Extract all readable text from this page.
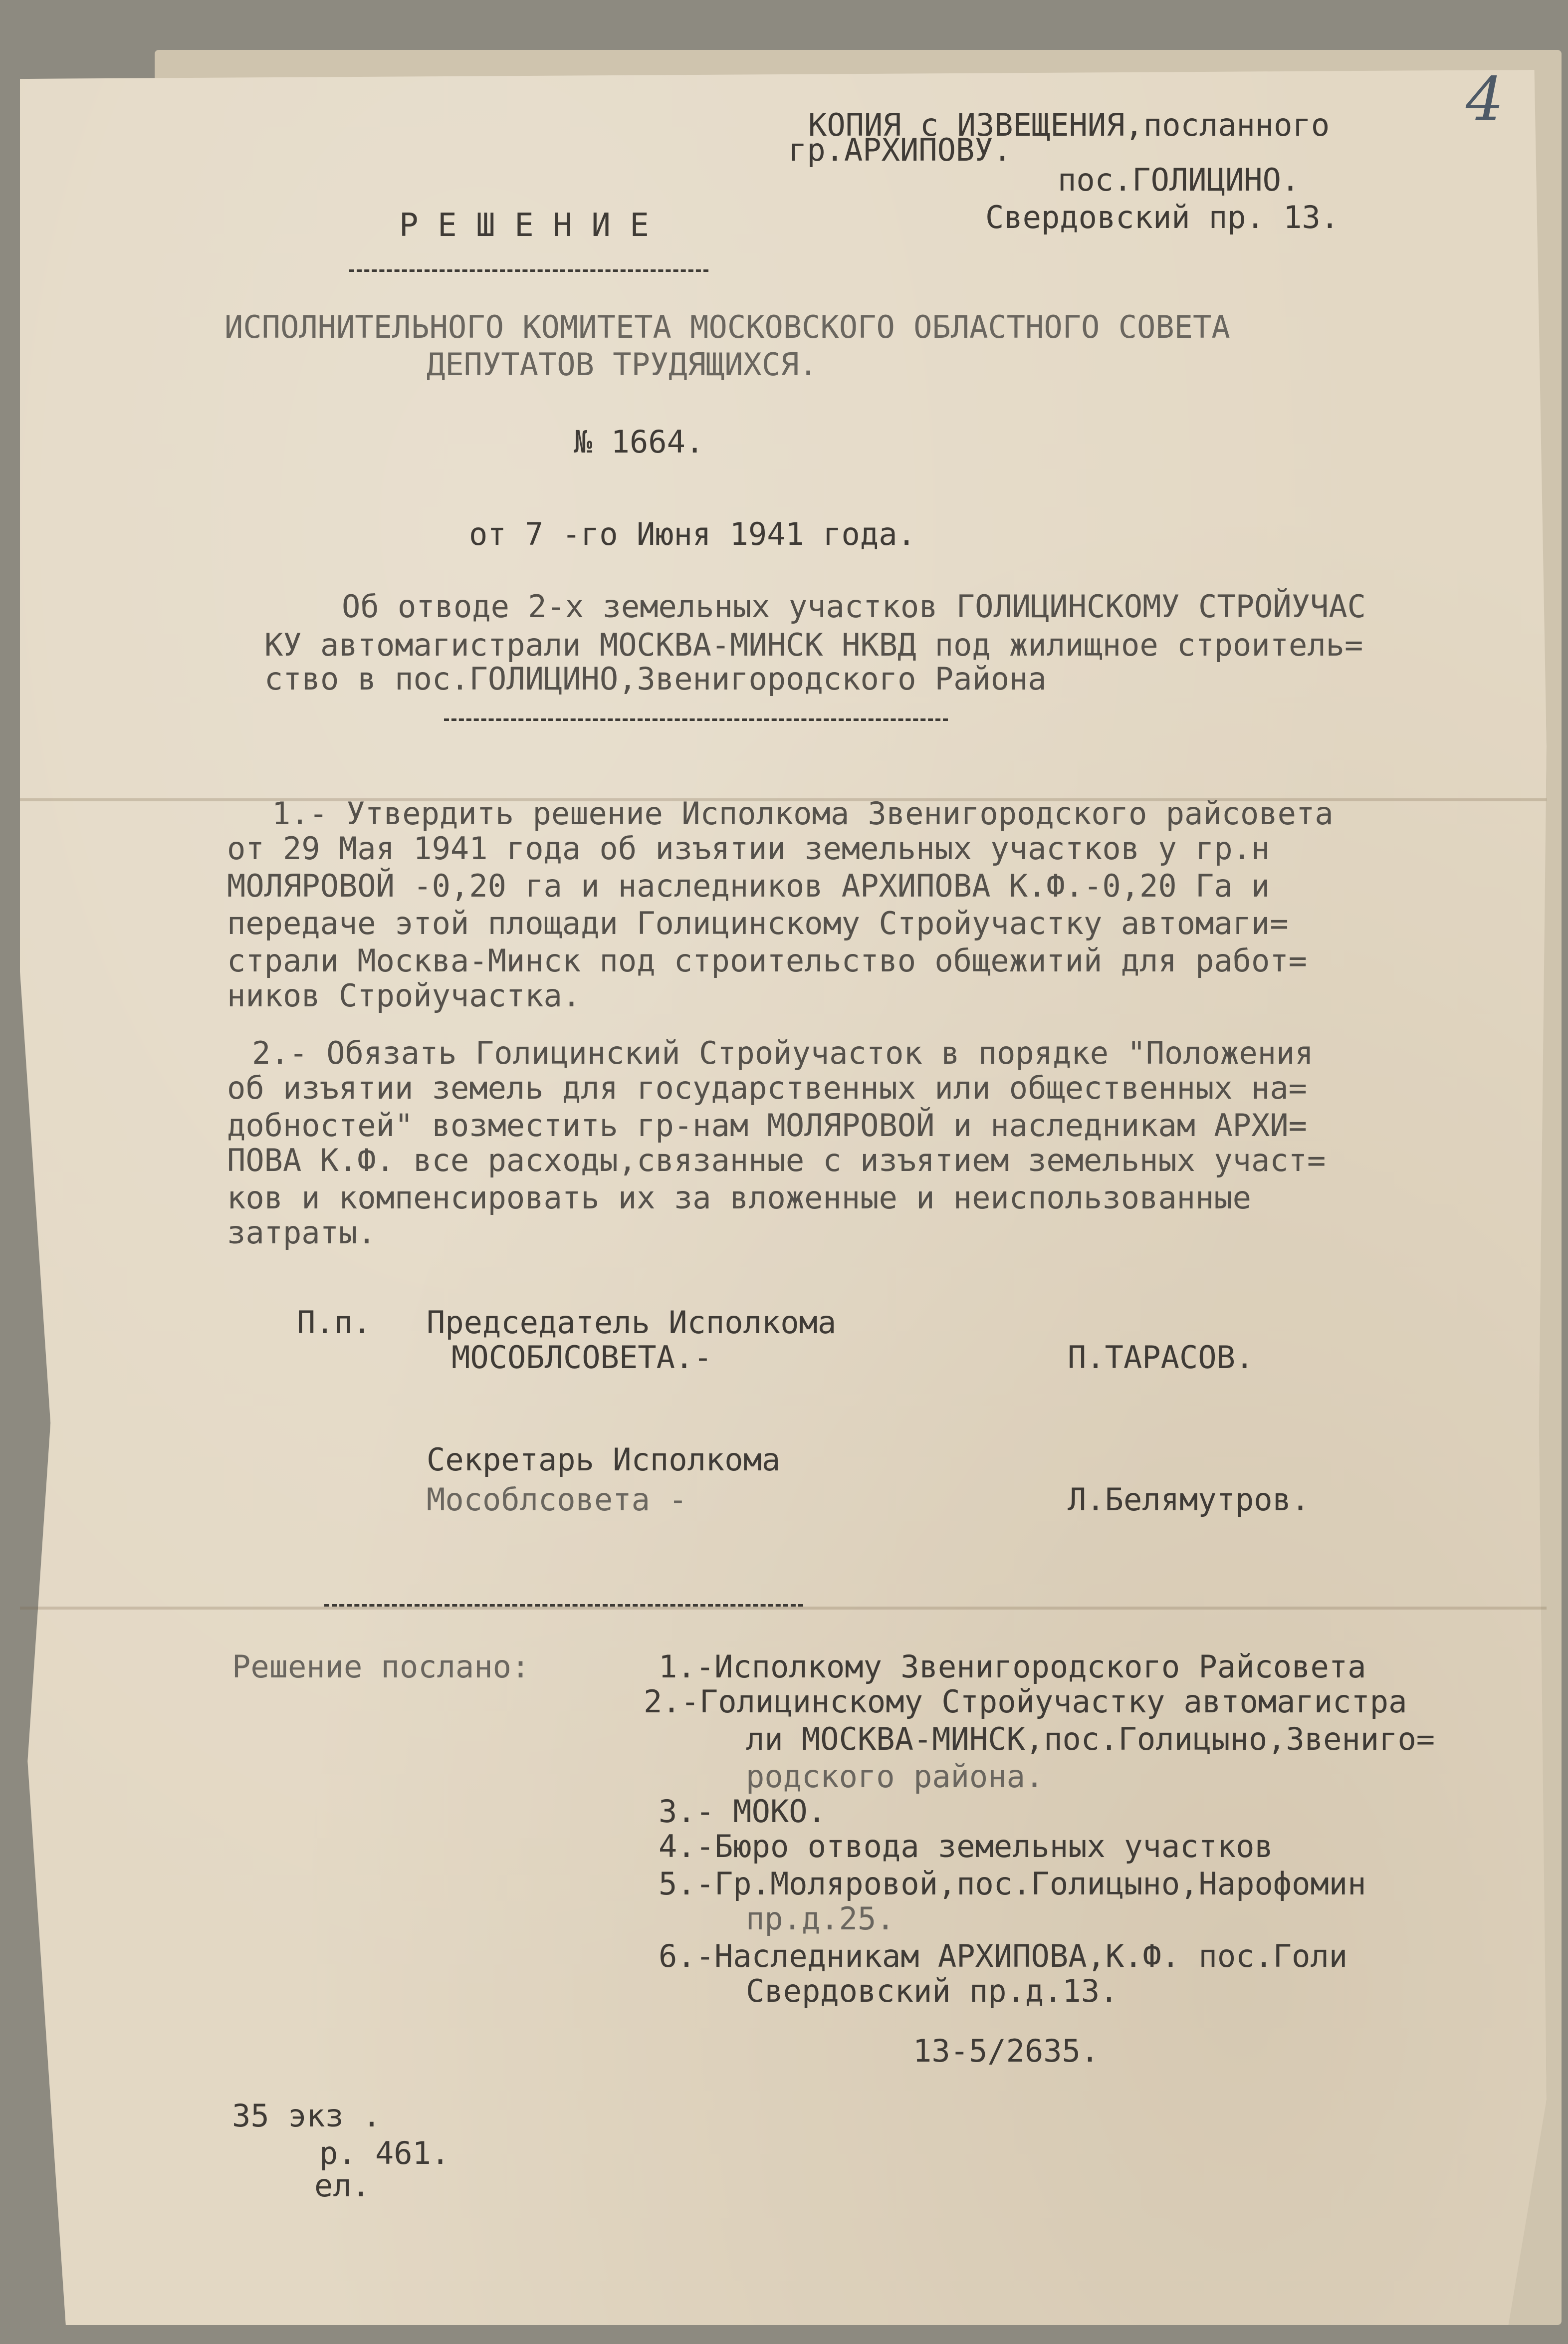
4
КОПИЯ с ИЗВЕЩЕНИЯ,посланного
гр.АРХИПОВУ.
пос.ГОЛИЦИНО.
Свердовский пр. 13.
Р Е Ш Е Н И Е
ИСПОЛНИТЕЛЬНОГО КОМИТЕТА МОСКОВСКОГО ОБЛАСТНОГО СОВЕТА
ДЕПУТАТОВ ТРУДЯЩИХСЯ.
№ 1664.
от 7 -го Июня 1941 года.
Об отводе 2-х земельных участков ГОЛИЦИНСКОМУ СТРОЙУЧАС
КУ автомагистрали МОСКВА-МИНСК НКВД под жилищное строитель=
ство в пос.ГОЛИЦИНО,Звенигородского Района
1.- Утвердить решение Исполкома Звенигородского райсовета
от 29 Мая 1941 года об изъятии земельных участков у гр.н
МОЛЯРОВОЙ -0,20 га и наследников АРХИПОВА К.Ф.-0,20 Га и
передаче этой площади Голицинскому Стройучастку автомаги=
страли Москва-Минск под строительство общежитий для работ=
ников Стройучастка.
2.- Обязать Голицинский Стройучасток в порядке "Положения
об изъятии земель для государственных или общественных на=
добностей" возместить гр-нам МОЛЯРОВОЙ и наследникам АРХИ=
ПОВА К.Ф. все расходы,связанные с изъятием земельных участ=
ков и компенсировать их за вложенные и неиспользованные
затраты.
П.п. Председатель Исполкома
МОСОБЛСОВЕТА.-	П.ТАРАСОВ.
Секретарь Исполкома
Мособлсовета -	Л.Белямутров.
Решение послано:	1.-Исполкому Звенигородского Райсовета
2.-Голицинскому Стройучастку автомагистра
ли МОСКВА-МИНСК,пос.Голицыно,Звениго=
родского района.
3.- МОКО.
4.-Бюро отвода земельных участков
5.-Гр.Моляровой,пос.Голицыно,Нарофомин
пр.д.25.
6.-Наследникам АРХИПОВА,К.Ф. пос.Голи
Свердовский пр.д.13.
13-5/2635.
35 экз .
р. 461.
ел.
